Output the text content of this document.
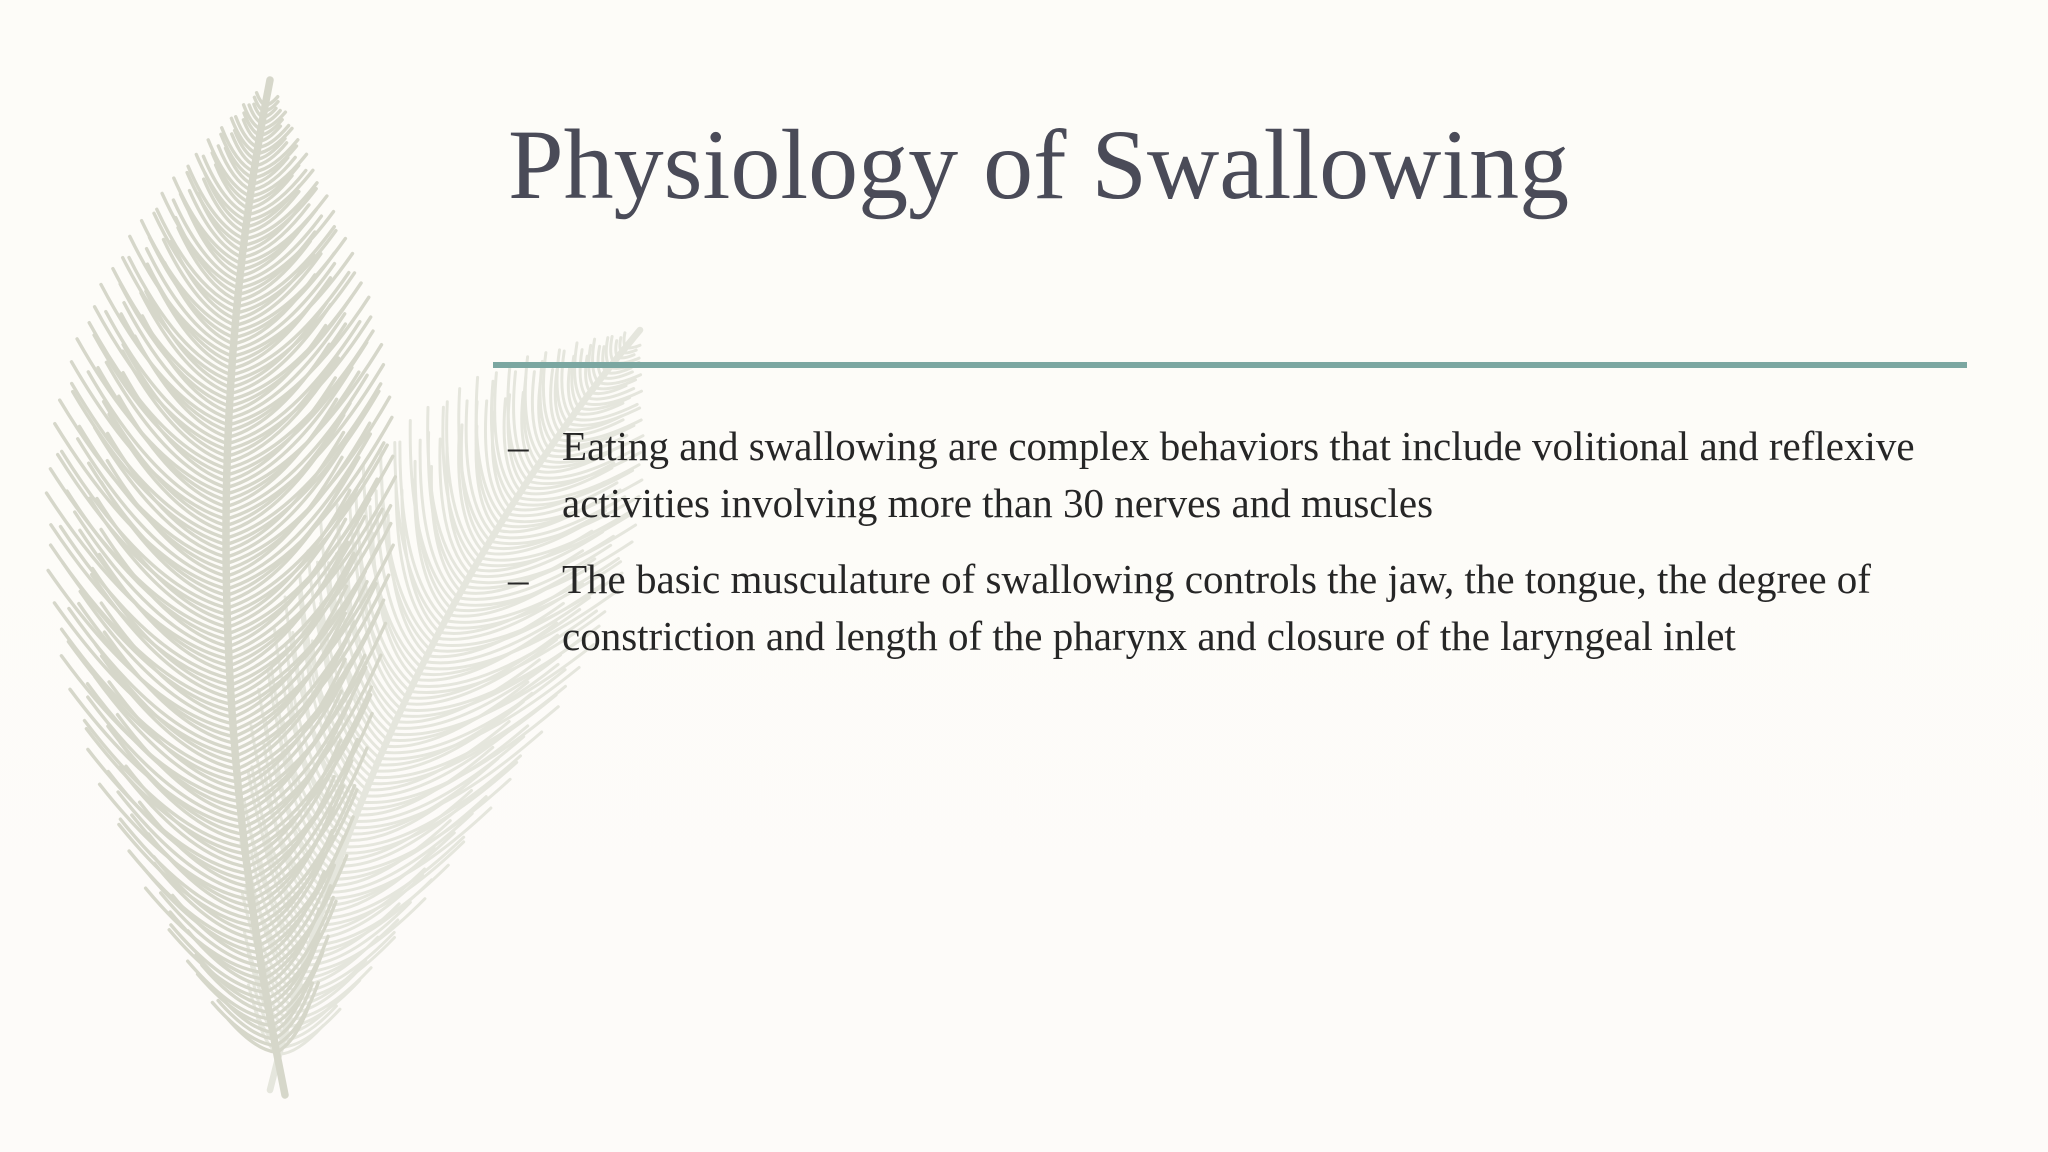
Physiology of Swallowing
– Eating and swallowing are complex behaviors that include volitional and reflexive activities involving more than 30 nerves and muscles
– The basic musculature of swallowing controls the jaw, the tongue, the degree of constriction and length of the pharynx and closure of the laryngeal inlet
